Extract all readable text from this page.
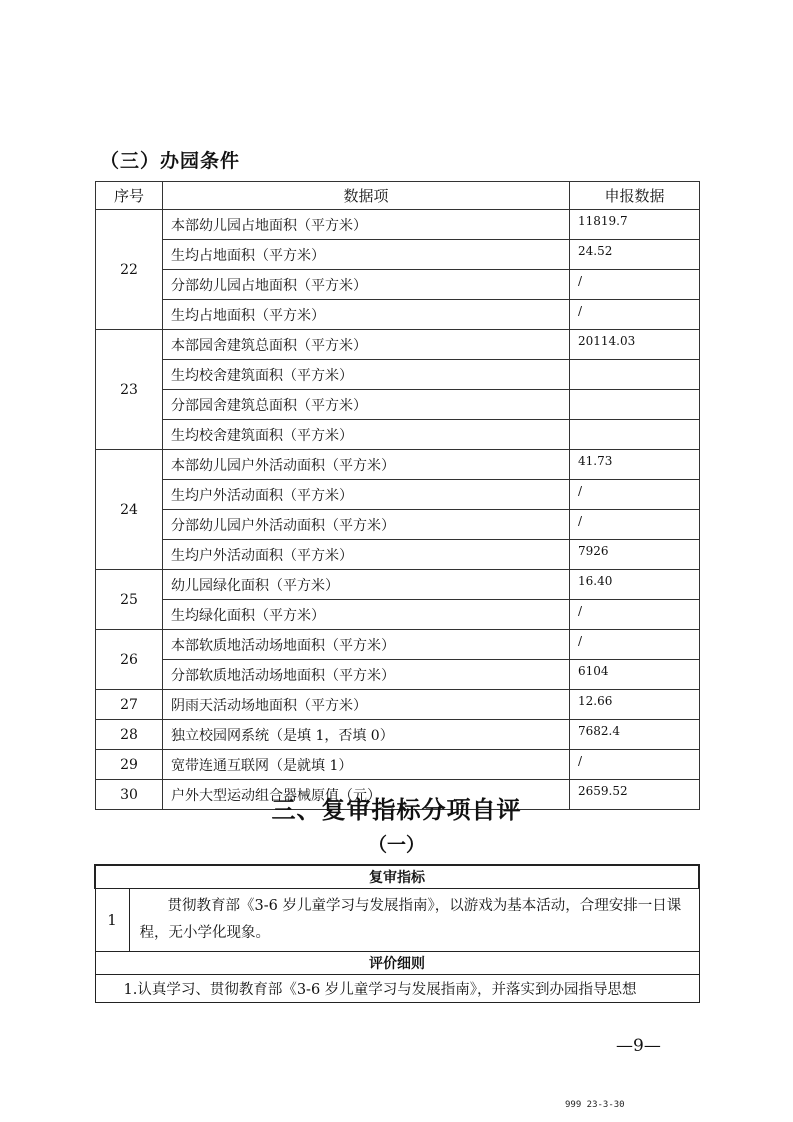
（三）办园条件
序号	数据项	申报数据
22	本部幼儿园占地面积（平方米）	11819.7
	生均占地面积（平方米）	24.52
	分部幼儿园占地面积（平方米）	/
	生均占地面积（平方米）	/
23	本部园舍建筑总面积（平方米）	20114.03
	生均校舍建筑面积（平方米）	
	分部园舍建筑总面积（平方米）	
	生均校舍建筑面积（平方米）	
24	本部幼儿园户外活动面积（平方米）	41.73
	生均户外活动面积（平方米）	/
	分部幼儿园户外活动面积（平方米）	/
	生均户外活动面积（平方米）	7926
25	幼儿园绿化面积（平方米）	16.40
	生均绿化面积（平方米）	/
26	本部软质地活动场地面积（平方米）	/
	分部软质地活动场地面积（平方米）	6104
27	阴雨天活动场地面积（平方米）	12.66
28	独立校园网系统（是填 1，否填 0）	7682.4
29	宽带连通互联网（是就填 1）	/
30	户外大型运动组合器械原值（元）	2659.52
三、复审指标分项自评
（一）
复审指标
1	贯彻教育部《3-6 岁儿童学习与发展指南》，以游戏为基本活动，合理安排一日课程，无小学化现象。
评价细则
1.认真学习、贯彻教育部《3-6 岁儿童学习与发展指南》，并落实到办园指导思想
—9—
999 23-3-30
